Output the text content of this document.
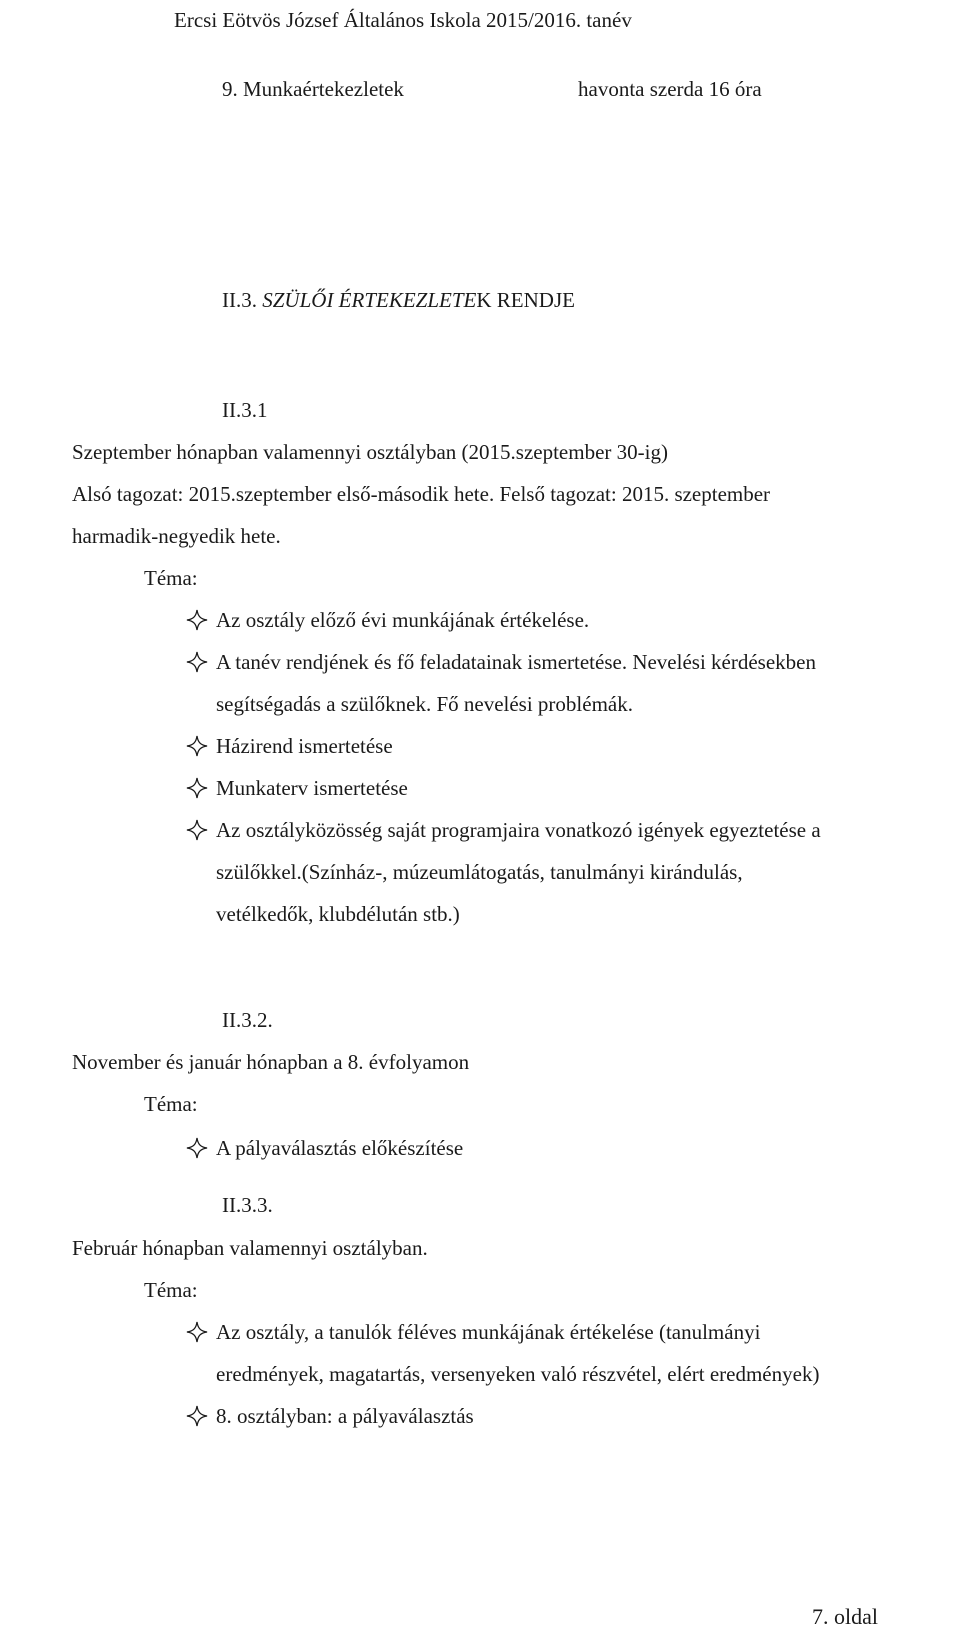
Ercsi Eötvös József Általános Iskola 2015/2016. tanév
9. Munkaértekezletek	havonta szerda 16 óra
II.3. SZÜLŐI ÉRTEKEZLETEK RENDJE
II.3.1
Szeptember hónapban valamennyi osztályban (2015.szeptember 30-ig)
Alsó tagozat: 2015.szeptember első-második hete. Felső tagozat: 2015. szeptember
harmadik-negyedik hete.
Téma:
Az osztály előző évi munkájának értékelése.
A tanév rendjének és fő feladatainak ismertetése. Nevelési kérdésekben
segítségadás a szülőknek. Fő nevelési problémák.
Házirend ismertetése
Munkaterv ismertetése
Az osztályközösség saját programjaira vonatkozó igények egyeztetése a
szülőkkel.(Színház-, múzeumlátogatás, tanulmányi kirándulás,
vetélkedők, klubdélután stb.)
II.3.2.
November és január hónapban a 8. évfolyamon
Téma:
A pályaválasztás előkészítése
II.3.3.
Február hónapban valamennyi osztályban.
Téma:
Az osztály, a tanulók féléves munkájának értékelése (tanulmányi
eredmények, magatartás, versenyeken való részvétel, elért eredmények)
8. osztályban: a pályaválasztás
7. oldal
